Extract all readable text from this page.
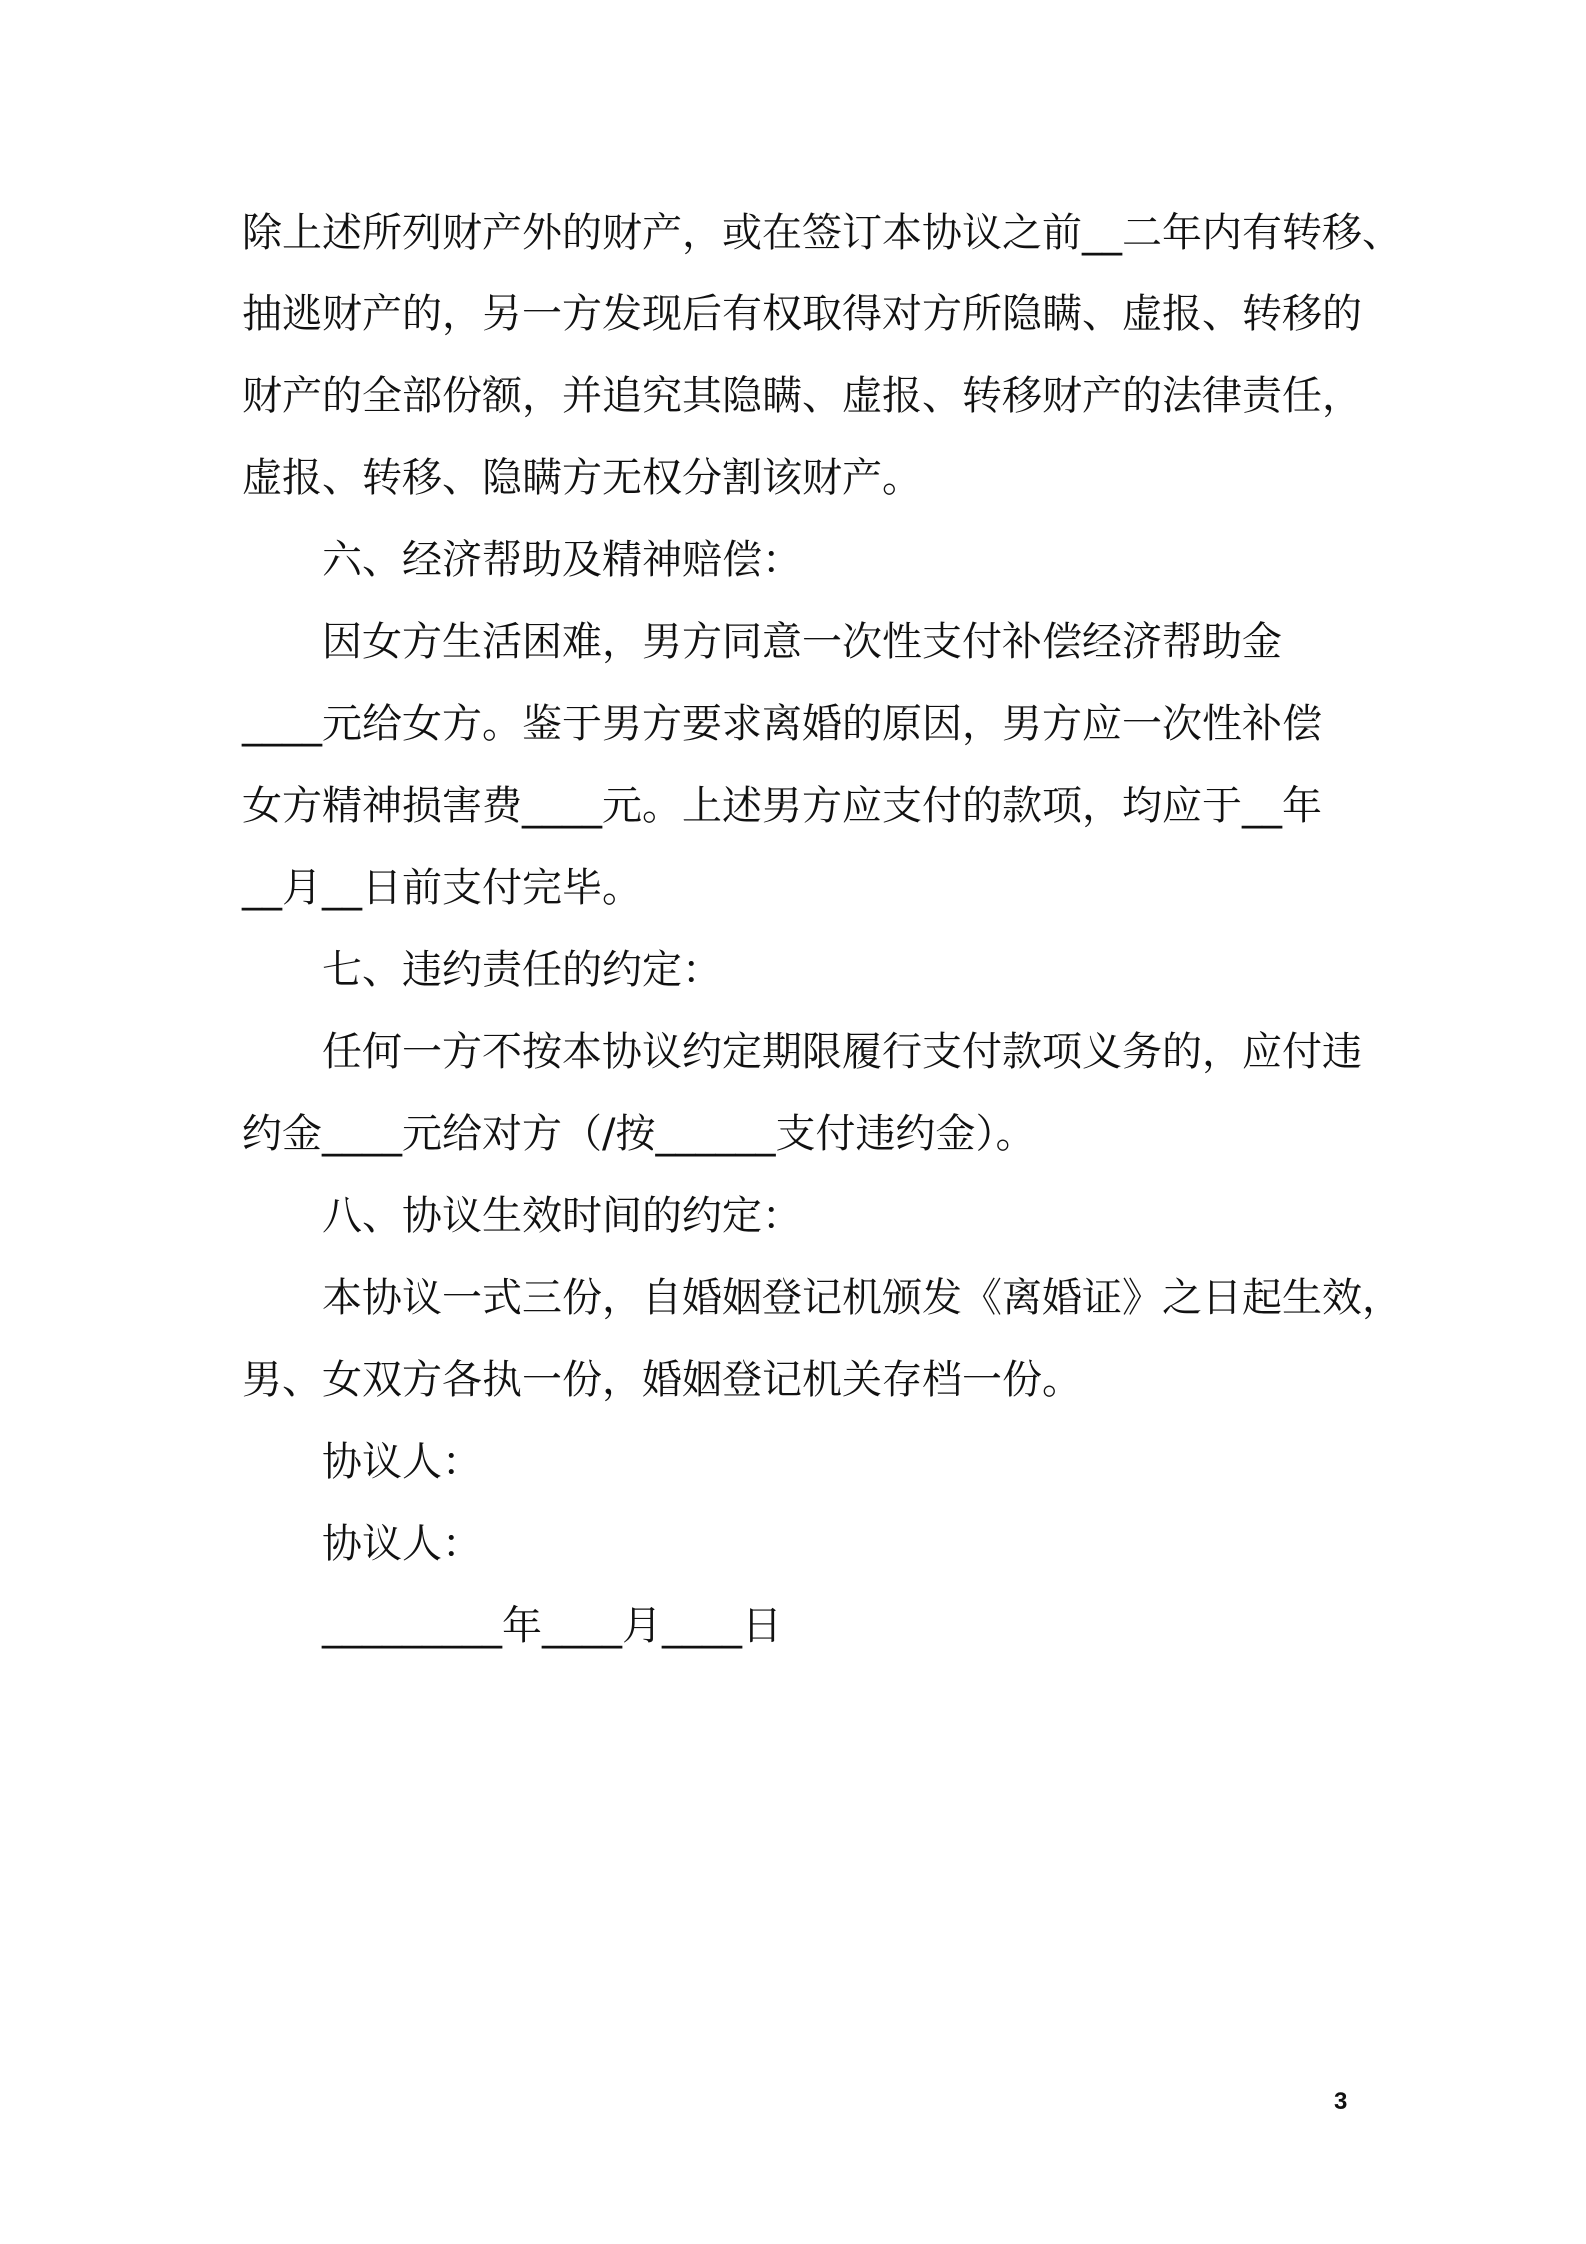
除上述所列财产外的财产，或在签订本协议之前__二年内有转移、
抽逃财产的，另一方发现后有权取得对方所隐瞒、虚报、转移的
财产的全部份额，并追究其隐瞒、虚报、转移财产的法律责任，
虚报、转移、隐瞒方无权分割该财产。
六、经济帮助及精神赔偿：
因女方生活困难，男方同意一次性支付补偿经济帮助金
____元给女方。鉴于男方要求离婚的原因，男方应一次性补偿
女方精神损害费____元。上述男方应支付的款项，均应于__年
__月__日前支付完毕。
七、违约责任的约定：
任何一方不按本协议约定期限履行支付款项义务的，应付违
约金____元给对方（/按______支付违约金）。
八、协议生效时间的约定：
本协议一式三份，自婚姻登记机颁发《离婚证》之日起生效，
男、女双方各执一份，婚姻登记机关存档一份。
协议人：
协议人：
_________年____月____日
3
